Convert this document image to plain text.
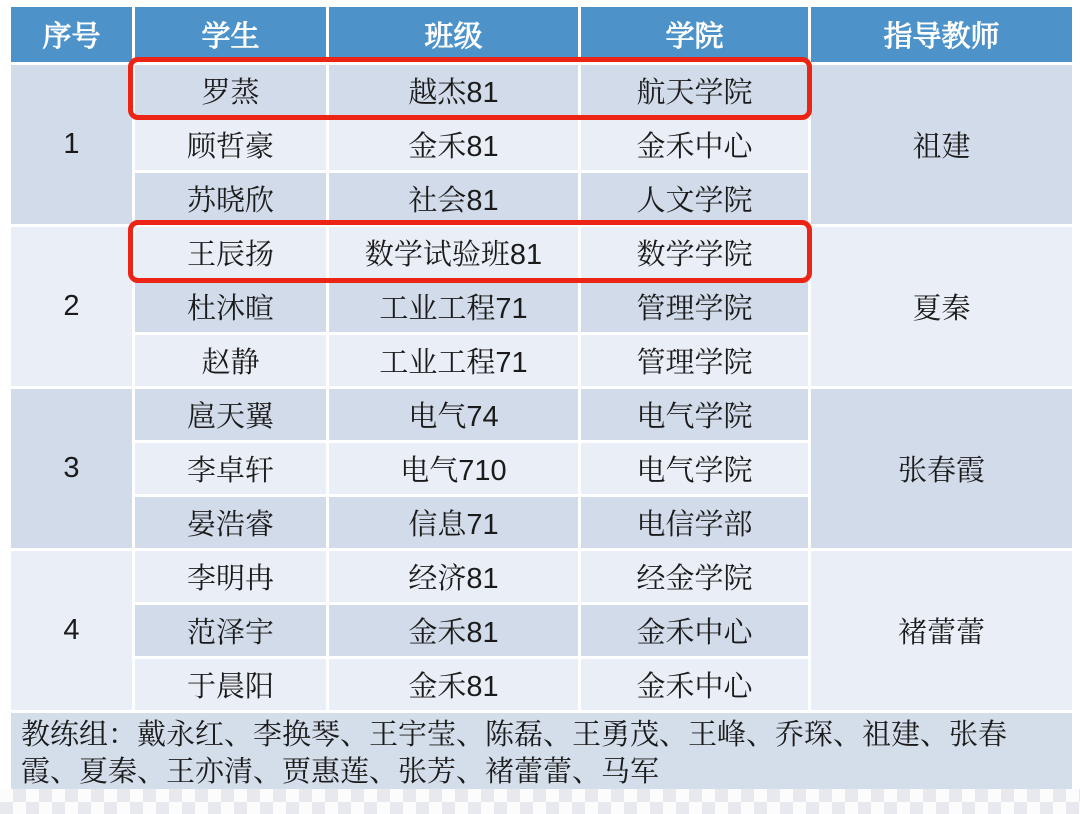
序号	学生	班级	学院	指导教师
1	罗蒸	越杰81	航天学院	祖建
	顾哲豪	金禾81	金禾中心	
	苏晓欣	社会81	人文学院	
2	王辰扬	数学试验班81	数学学院	夏秦
	杜沐暄	工业工程71	管理学院	
	赵静	工业工程71	管理学院	
3	扈天翼	电气74	电气学院	张春霞
	李卓轩	电气710	电气学院	
	晏浩睿	信息71	电信学部	
4	李明冉	经济81	经金学院	褚蕾蕾
	范泽宇	金禾81	金禾中心	
	于晨阳	金禾81	金禾中心	
教练组：戴永红、李换琴、王宇莹、陈磊、王勇茂、王峰、乔琛、祖建、张春霞、夏秦、王亦清、贾惠莲、张芳、褚蕾蕾、马军				
